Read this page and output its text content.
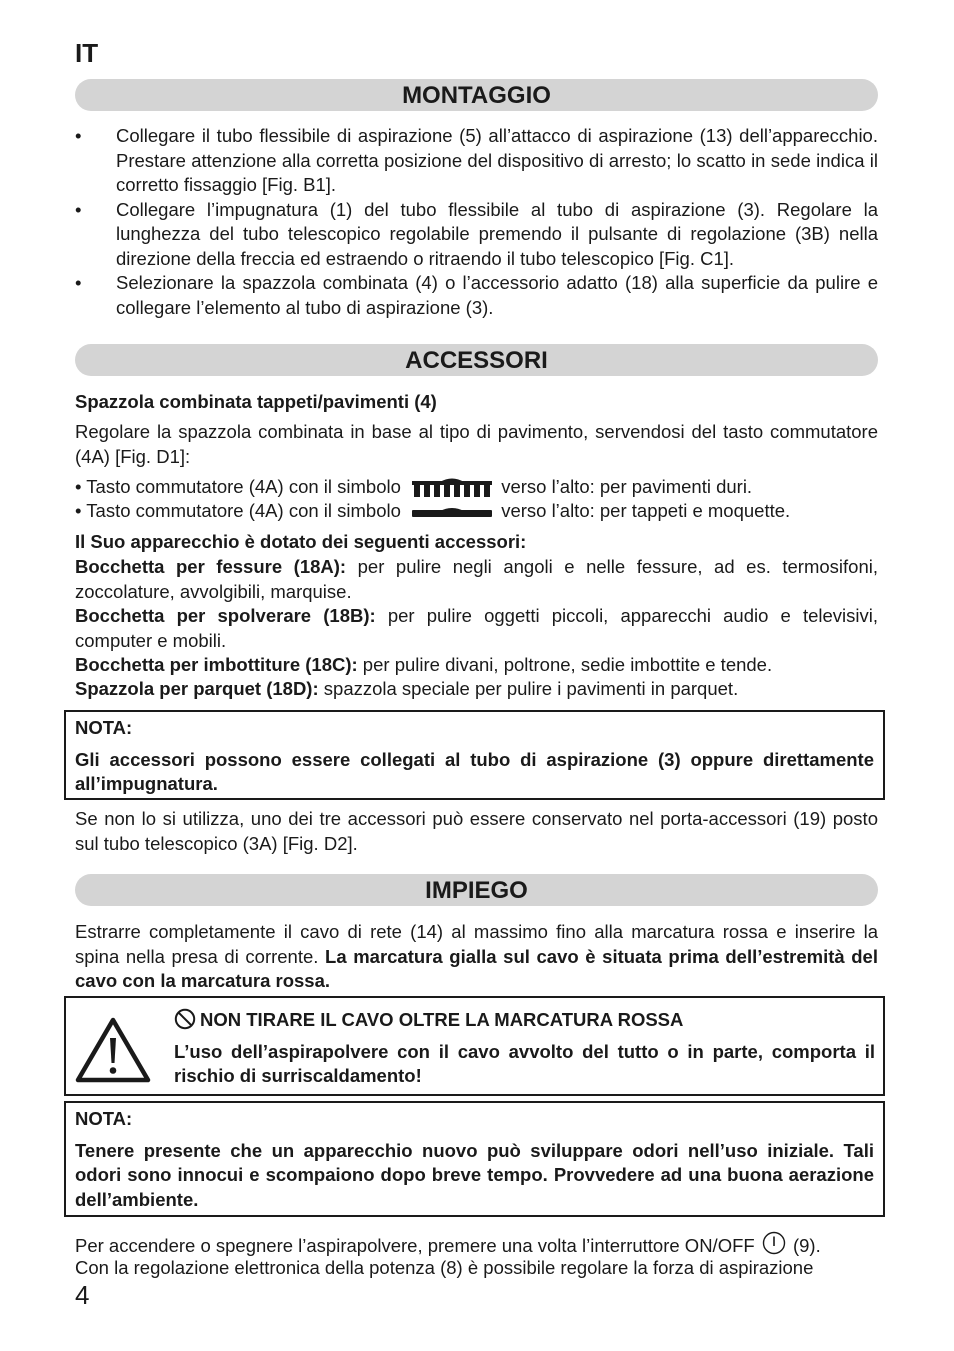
IT
MONTAGGIO
• Collegare il tubo flessibile di aspirazione (5) all’attacco di aspirazione (13) dell’apparecchio. Prestare attenzione alla corretta posizione del dispositivo di arresto; lo scatto in sede indica il corretto fissaggio [Fig. B1].
• Collegare l’impugnatura (1) del tubo flessibile al tubo di aspirazione (3). Regolare la lunghezza del tubo telescopico regolabile premendo il pulsante di regolazione (3B) nella direzione della freccia ed estraendo o ritraendo il tubo telescopico [Fig. C1].
• Selezionare la spazzola combinata (4) o l’accessorio adatto (18) alla superficie da pulire e collegare l’elemento al tubo di aspirazione (3).
ACCESSORI
Spazzola combinata tappeti/pavimenti (4)
Regolare la spazzola combinata in base al tipo di pavimento, servendosi del tasto commutatore (4A) [Fig. D1]:
• Tasto commutatore (4A) con il simbolo	verso l’alto: per pavimenti duri.
• Tasto commutatore (4A) con il simbolo	verso l’alto: per tappeti e moquette.
Il Suo apparecchio è dotato dei seguenti accessori:
Bocchetta per fessure (18A): per pulire negli angoli e nelle fessure, ad es. termosifoni, zoccolature, avvolgibili, marquise.
Bocchetta per spolverare (18B): per pulire oggetti piccoli, apparecchi audio e televisivi, computer e mobili.
Bocchetta per imbottiture (18C): per pulire divani, poltrone, sedie imbottite e tende.
Spazzola per parquet (18D): spazzola speciale per pulire i pavimenti in parquet.

NOTA:

Gli accessori possono essere collegati al tubo di aspirazione (3) oppure direttamente all’impugnatura.

Se non lo si utilizza, uno dei tre accessori può essere conservato nel porta-accessori (19) posto sul tubo telescopico (3A) [Fig. D2].
IMPIEGO
Estrarre completamente il cavo di rete (14) al massimo fino alla marcatura rossa e inserire la spina nella presa di corrente. La marcatura gialla sul cavo è situata prima dell’estremità del cavo con la marcatura rossa.

NON TIRARE IL CAVO OLTRE LA MARCATURA ROSSA

L’uso dell’aspirapolvere con il cavo avvolto del tutto o in parte, comporta il rischio di surriscaldamento!

NOTA:

Tenere presente che un apparecchio nuovo può sviluppare odori nell’uso iniziale. Tali odori sono innocui e scompaiono dopo breve tempo. Provvedere ad una buona aerazione dell’ambiente.

Per accendere o spegnere l’aspirapolvere, premere una volta l’interruttore ON/OFF  (9).
Con la regolazione elettronica della potenza (8) è possibile regolare la forza di aspirazione
4
